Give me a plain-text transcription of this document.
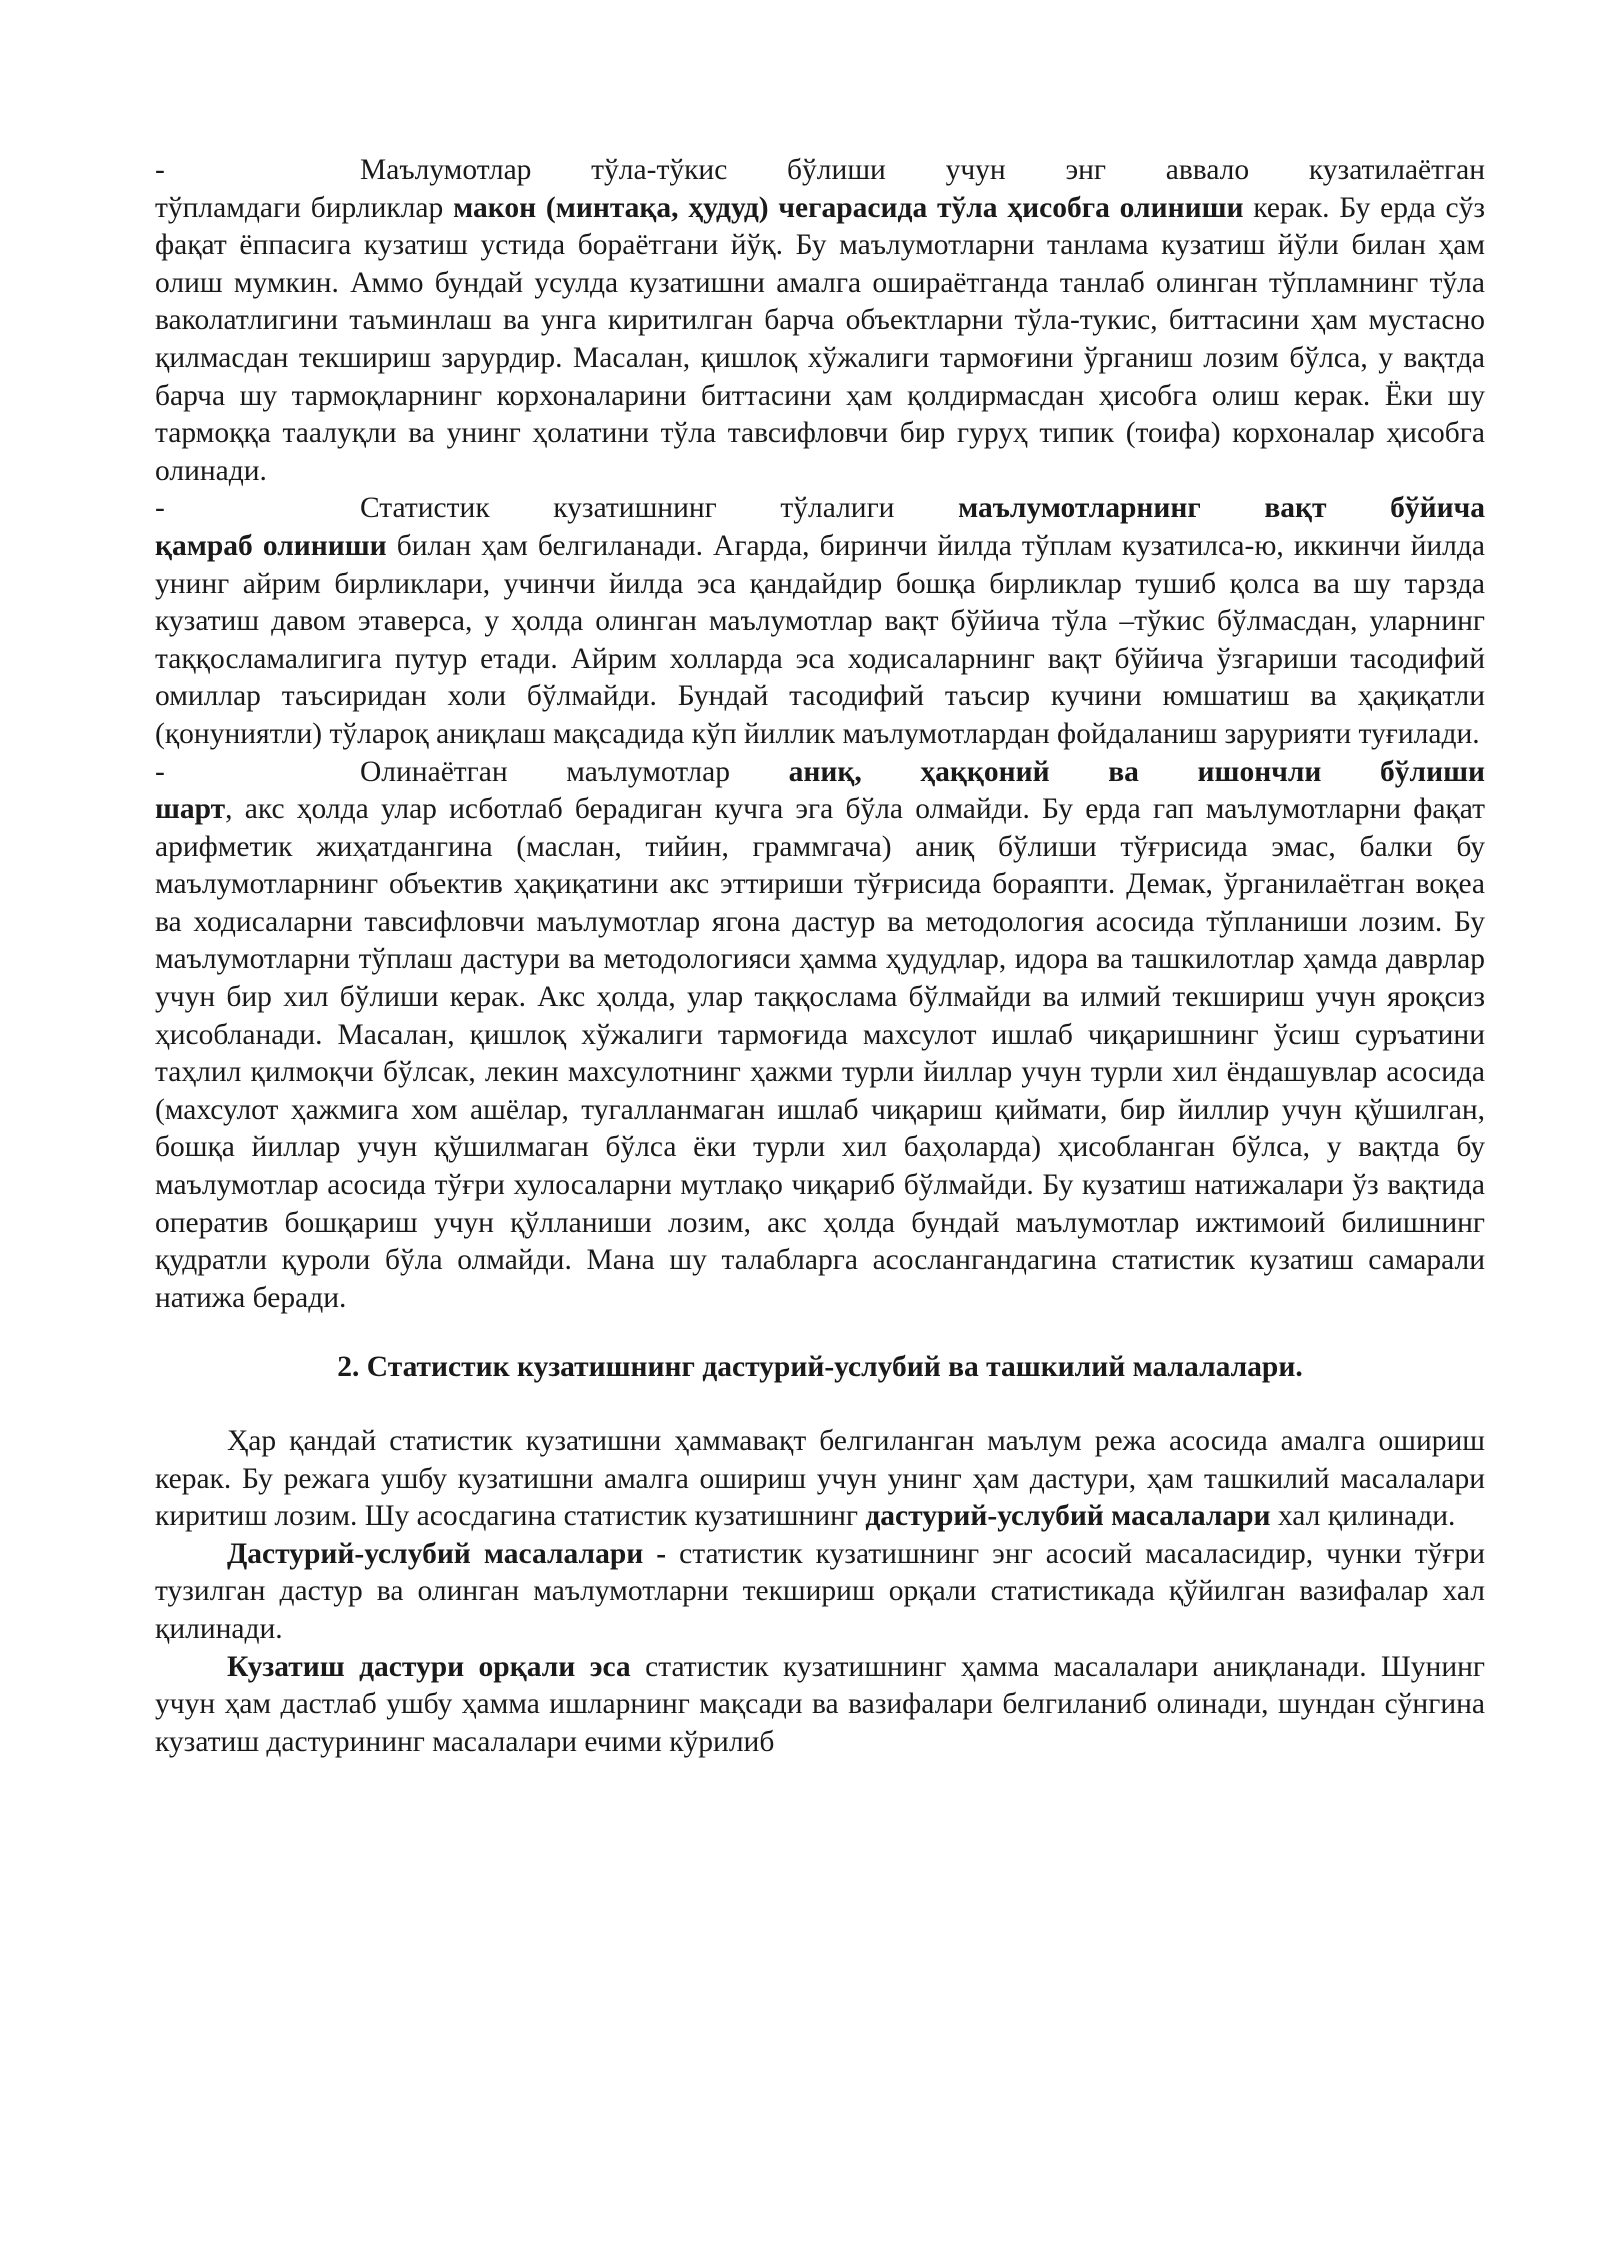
-	Маълумотлар тўла-тўкис бўлиши учун энг аввало кузатилаётган

тўпламдаги бирликлар макон (минтақа, ҳудуд) чегарасида тўла ҳисобга олиниши керак. Бу ерда сўз фақат ёппасига кузатиш устида бораётгани йўқ. Бу маълумотларни танлама кузатиш йўли билан ҳам олиш мумкин. Аммо бундай усулда кузатишни амалга ошираётганда танлаб олинган тўпламнинг тўла ваколатлигини таъминлаш ва унга киритилган барча объектларни тўла-тукис, биттасини ҳам мустасно қилмасдан текшириш зарурдир. Масалан, қишлоқ хўжалиги тармоғини ўрганиш лозим бўлса, у вақтда барча шу тармоқларнинг корхоналарини биттасини ҳам қолдирмасдан ҳисобга олиш керак. Ёки шу тармоққа таалуқли ва унинг ҳолатини тўла тавсифловчи бир гуруҳ типик (тоифа) корхоналар ҳисобга олинади.

-	Статистик кузатишнинг тўлалиги маълумотларнинг вақт бўйича

қамраб олиниши билан ҳам белгиланади. Агарда, биринчи йилда тўплам кузатилса-ю, иккинчи йилда унинг айрим бирликлари, учинчи йилда эса қандайдир бошқа бирликлар тушиб қолса ва шу тарзда кузатиш давом этаверса, у ҳолда олинган маълумотлар вақт бўйича тўла –тўкис бўлмасдан, уларнинг таққосламалигига путур етади. Айрим холларда эса ходисаларнинг вақт бўйича ўзгариши тасодифий омиллар таъсиридан холи бўлмайди. Бундай тасодифий таъсир кучини юмшатиш ва ҳақиқатли (қонуниятли) тўлароқ аниқлаш мақсадида кўп йиллик маълумотлардан фойдаланиш зарурияти туғилади.

-	Олинаётган маълумотлар аниқ, ҳаққоний ва ишончли бўлиши

шарт, акс ҳолда улар исботлаб берадиган кучга эга бўла олмайди. Бу ерда гап маълумотларни фақат арифметик жиҳатдангина (маслан, тийин, граммгача) аниқ бўлиши тўғрисида эмас, балки бу маълумотларнинг объектив ҳақиқатини акс эттириши тўғрисида бораяпти. Демак, ўрганилаётган воқеа ва ходисаларни тавсифловчи маълумотлар ягона дастур ва методология асосида тўпланиши лозим. Бу маълумотларни тўплаш дастури ва методологияси ҳамма ҳудудлар, идора ва ташкилотлар ҳамда даврлар учун бир хил бўлиши керак. Акс ҳолда, улар таққослама бўлмайди ва илмий текшириш учун яроқсиз ҳисобланади. Масалан, қишлоқ хўжалиги тармоғида махсулот ишлаб чиқаришнинг ўсиш суръатини таҳлил қилмоқчи бўлсак, лекин махсулотнинг ҳажми турли йиллар учун турли хил ёндашувлар асосида (махсулот ҳажмига хом ашёлар, тугалланмаган ишлаб чиқариш қиймати, бир йиллир учун қўшилган, бошқа йиллар учун қўшилмаган бўлса ёки турли хил баҳоларда) ҳисобланган бўлса, у вақтда бу маълумотлар асосида тўғри хулосаларни мутлақо чиқариб бўлмайди. Бу кузатиш натижалари ўз вақтида оператив бошқариш учун қўлланиши лозим, акс ҳолда бундай маълумотлар ижтимоий билишнинг қудратли қуроли бўла олмайди. Мана шу талабларга асослангандагина статистик кузатиш самарали натижа беради.

2. Статистик кузатишнинг дастурий-услубий ва ташкилий малалалари.

Ҳар қандай статистик кузатишни ҳаммавақт белгиланган маълум режа асосида амалга ошириш керак. Бу режага ушбу кузатишни амалга ошириш учун унинг ҳам дастури, ҳам ташкилий масалалари киритиш лозим. Шу асосдагина статистик кузатишнинг дастурий-услубий масалалари хал қилинади.

Дастурий-услубий масалалари - статистик кузатишнинг энг асосий масаласидир, чунки тўғри тузилган дастур ва олинган маълумотларни текшириш орқали статистикада қўйилган вазифалар хал қилинади.

Кузатиш дастури орқали эса статистик кузатишнинг ҳамма масалалари аниқланади. Шунинг учун ҳам дастлаб ушбу ҳамма ишларнинг мақсади ва вазифалари белгиланиб олинади, шундан сўнгина кузатиш дастурининг масалалари ечими кўрилиб
